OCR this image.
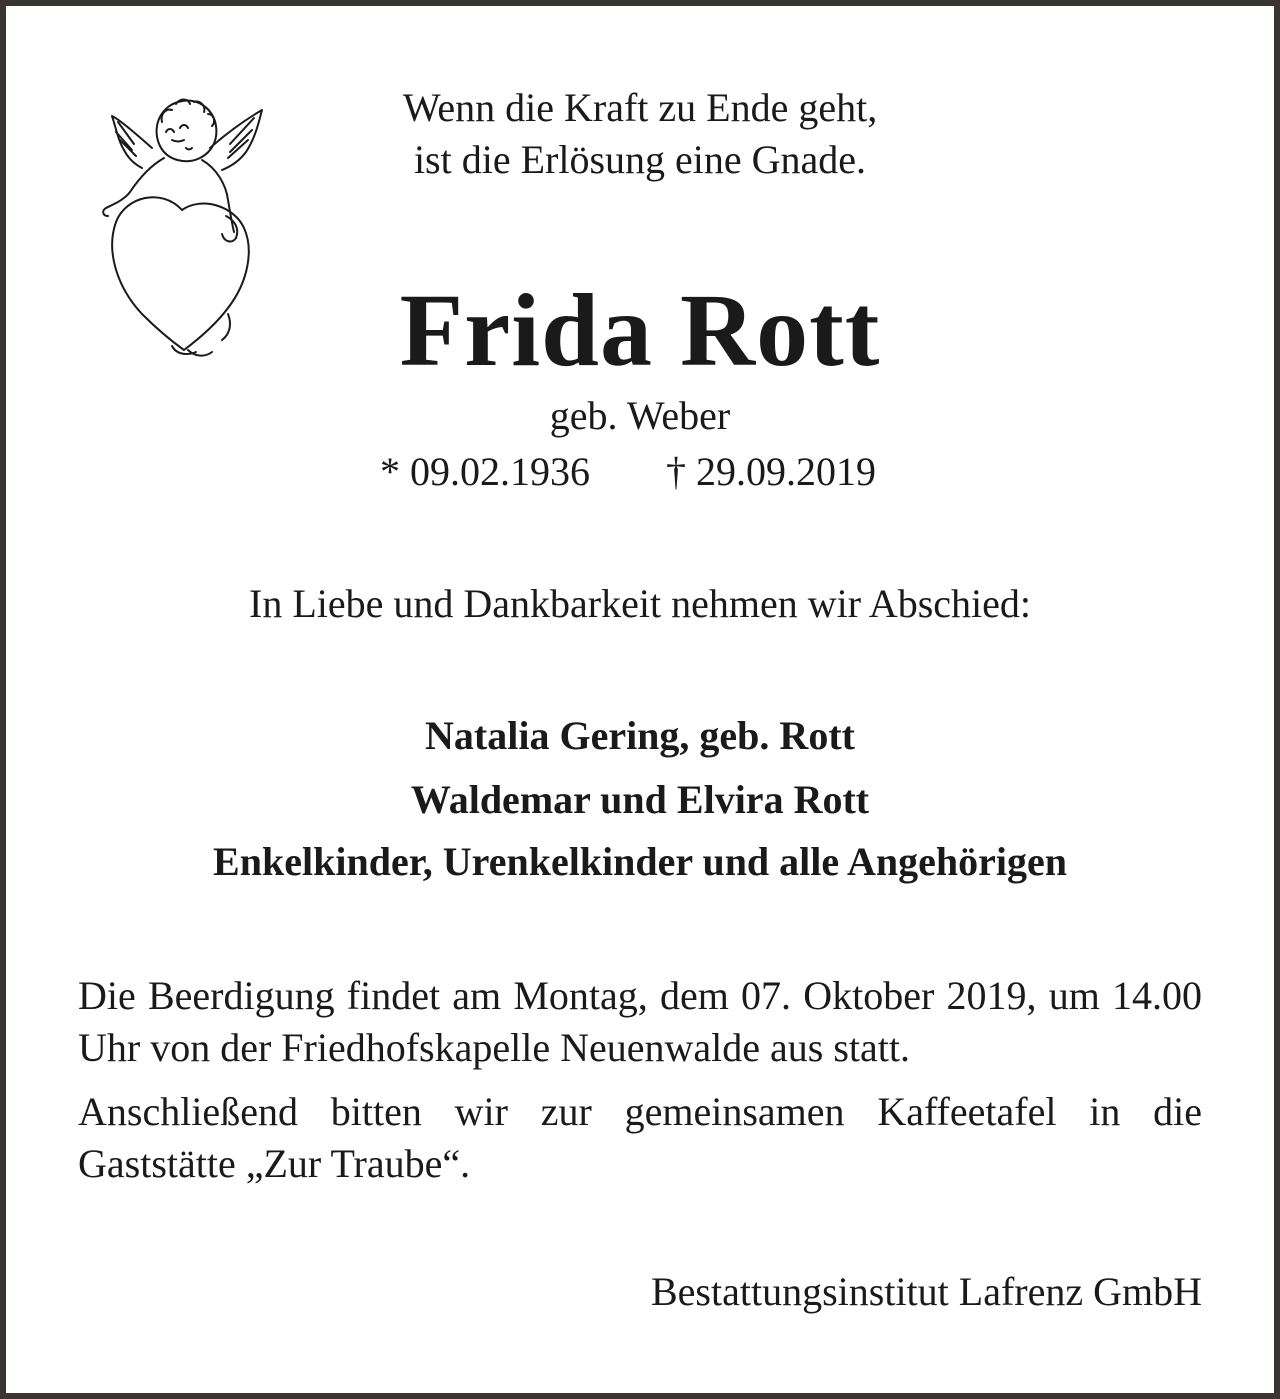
Wenn die Kraft zu Ende geht,
ist die Erlösung eine Gnade.
Frida Rott
geb. Weber
* 09.02.1936 † 29.09.2019
In Liebe und Dankbarkeit nehmen wir Abschied:
Natalia Gering, geb. Rott
Waldemar und Elvira Rott
Enkelkinder, Urenkelkinder und alle Angehörigen
Die Beerdigung findet am Montag, dem 07. Oktober 2019, um 14.00 Uhr von der Friedhofskapelle Neuenwalde aus statt.
Anschließend bitten wir zur gemeinsamen Kaffeetafel in die Gaststätte „Zur Traube“.
Bestattungsinstitut Lafrenz GmbH
